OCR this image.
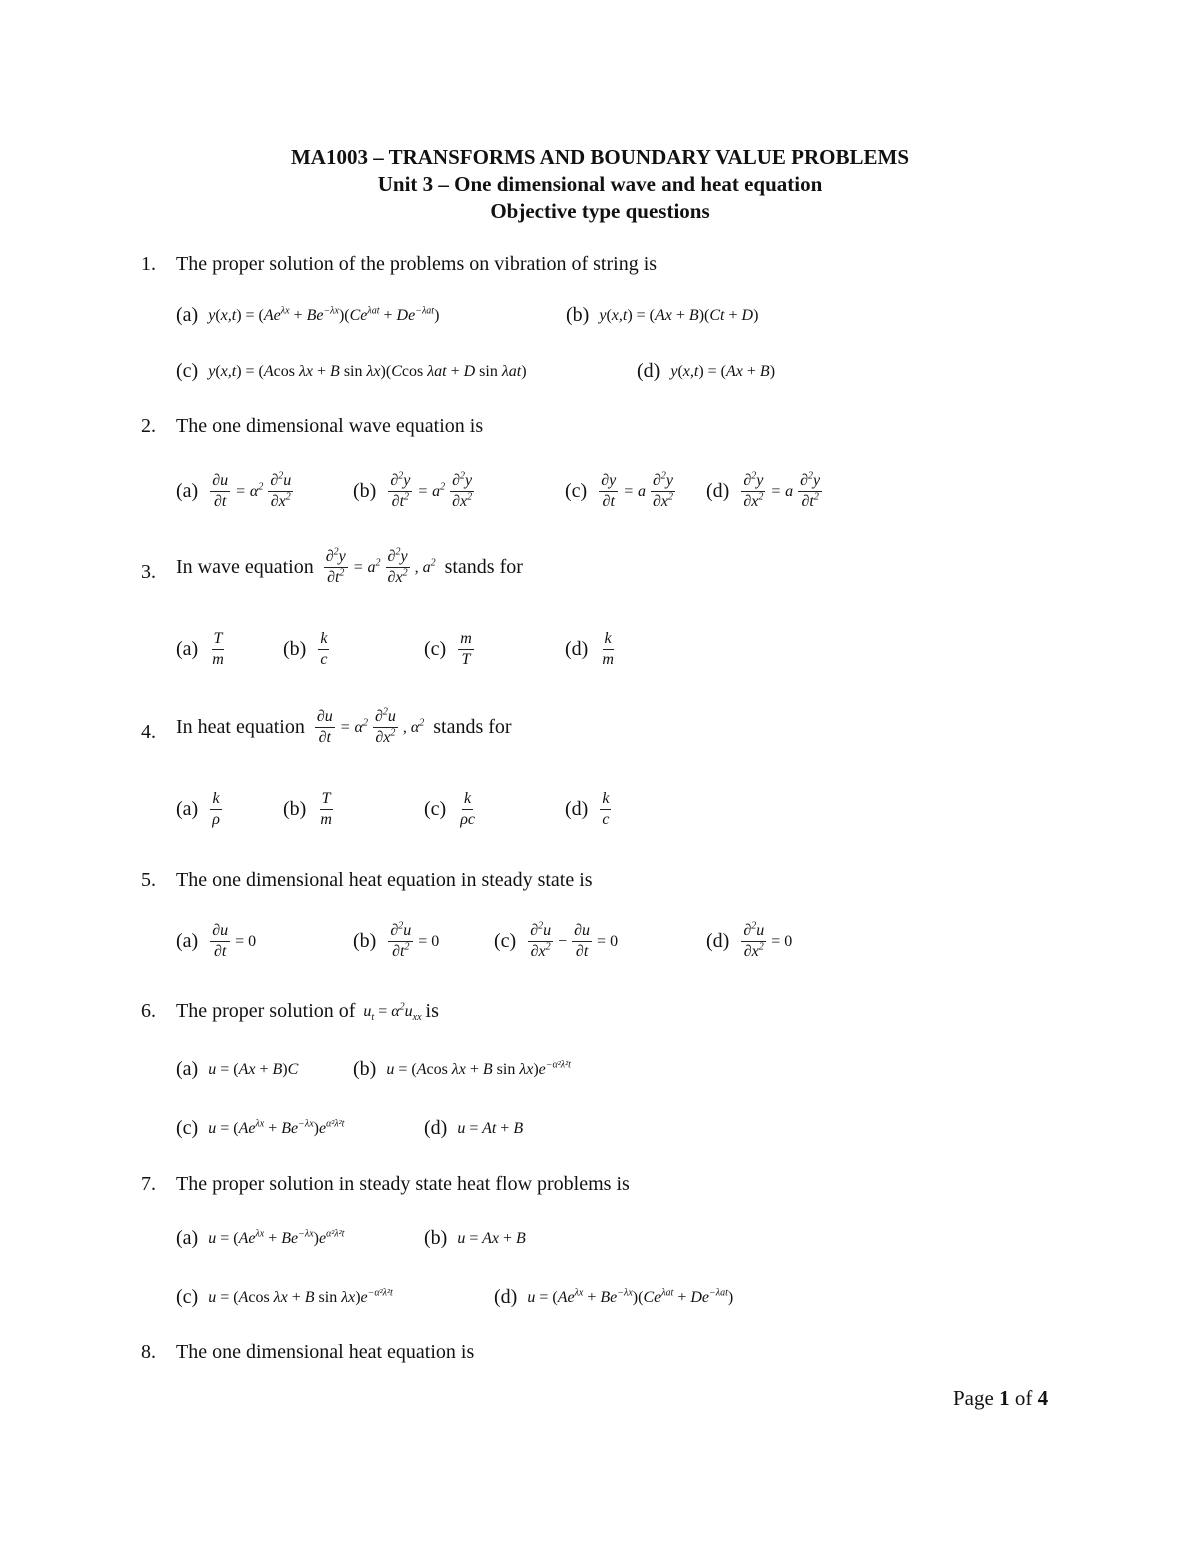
MA1003 – TRANSFORMS AND BOUNDARY VALUE PROBLEMS
Unit 3 – One dimensional wave and heat equation
Objective type questions
1. The proper solution of the problems on vibration of string is
(a) $y(x,t) = (Ae^{\lambda x} + Be^{-\lambda x})(Ce^{\lambda at} + De^{-\lambda at})$	(b) y(x,t) = (Ax + B)(Ct + D)
(c) y(x,t) = (Acos λx + B sin λx)(Ccos λat + D sin λat)	(d) y(x,t) = (Ax + B)
2. The one dimensional wave equation is
$(a) \frac{\partial u}{\partial t} = \alpha^2 \frac{\partial^2u}{\partial x^2}$	$(b) \frac{\partial^2y}{\partial t^2} = a^2 \frac{\partial^2y}{\partial x^2}$	$(c) \frac{\partial y}{\partial t} = a \frac{\partial^2y}{\partial x^2} (d) \frac{\partial^2y}{\partial x^2} = a \frac{\partial^2y}{\partial t^2}$
3. In wave equation $\frac{\partial^2y}{\partial t^2} = a^2 \frac{\partial^2y}{\partial x^2}$ , $a^2$ stands for
$(a) \frac{T}{m}$	$(b) \frac{k}{c}$	$(c) \frac{m}{T}$	$(d) \frac{k}{m}$
4. In heat equation $\frac{\partial u}{\partial t} = \alpha^2 \frac{\partial^2u}{\partial x^2}$ , $\alpha^2$ stands for
$(a) \frac{k}{\rho}$	$(b) \frac{T}{m}$	$(c) \frac{k}{\rho c}$	$(d) \frac{k}{c}$
5. The one dimensional heat equation in steady state is
$(a) \frac{\partial u}{\partial t} = 0$	$(b) \frac{\partial^2u}{\partial t^2} = 0$	$(c) \frac{\partial^2u}{\partial x^2} - \frac{\partial u}{\partial t} = 0$	$(d) \frac{\partial^2u}{\partial x^2} = 0$
6. The proper solution of $u_t = \alpha^2u_{xx}$ is
(a) u = (Ax + B)C	(b) u = (Acos λx + B $\sin \lambda x)e^{-\alpha^2\lambda^2t}$
(c) $u = (Ae^{\lambda x} + Be^{-\lambda x})e^{\alpha^2\lambda^2t}$	(d) u = At + B
7. The proper solution in steady state heat flow problems is
(a) $u = (Ae^{\lambda x} + Be^{-\lambda x})e^{\alpha^2\lambda^2t}$	(b) u = Ax + B
(c) u = (Acos λx + B $\sin \lambda x)e^{-\alpha^2\lambda^2t}$	(d) $u = (Ae^{\lambda x} + Be^{-\lambda x})(Ce^{\lambda at} + De^{-\lambda at})$
8. The one dimensional heat equation is
Page 1 of 4
